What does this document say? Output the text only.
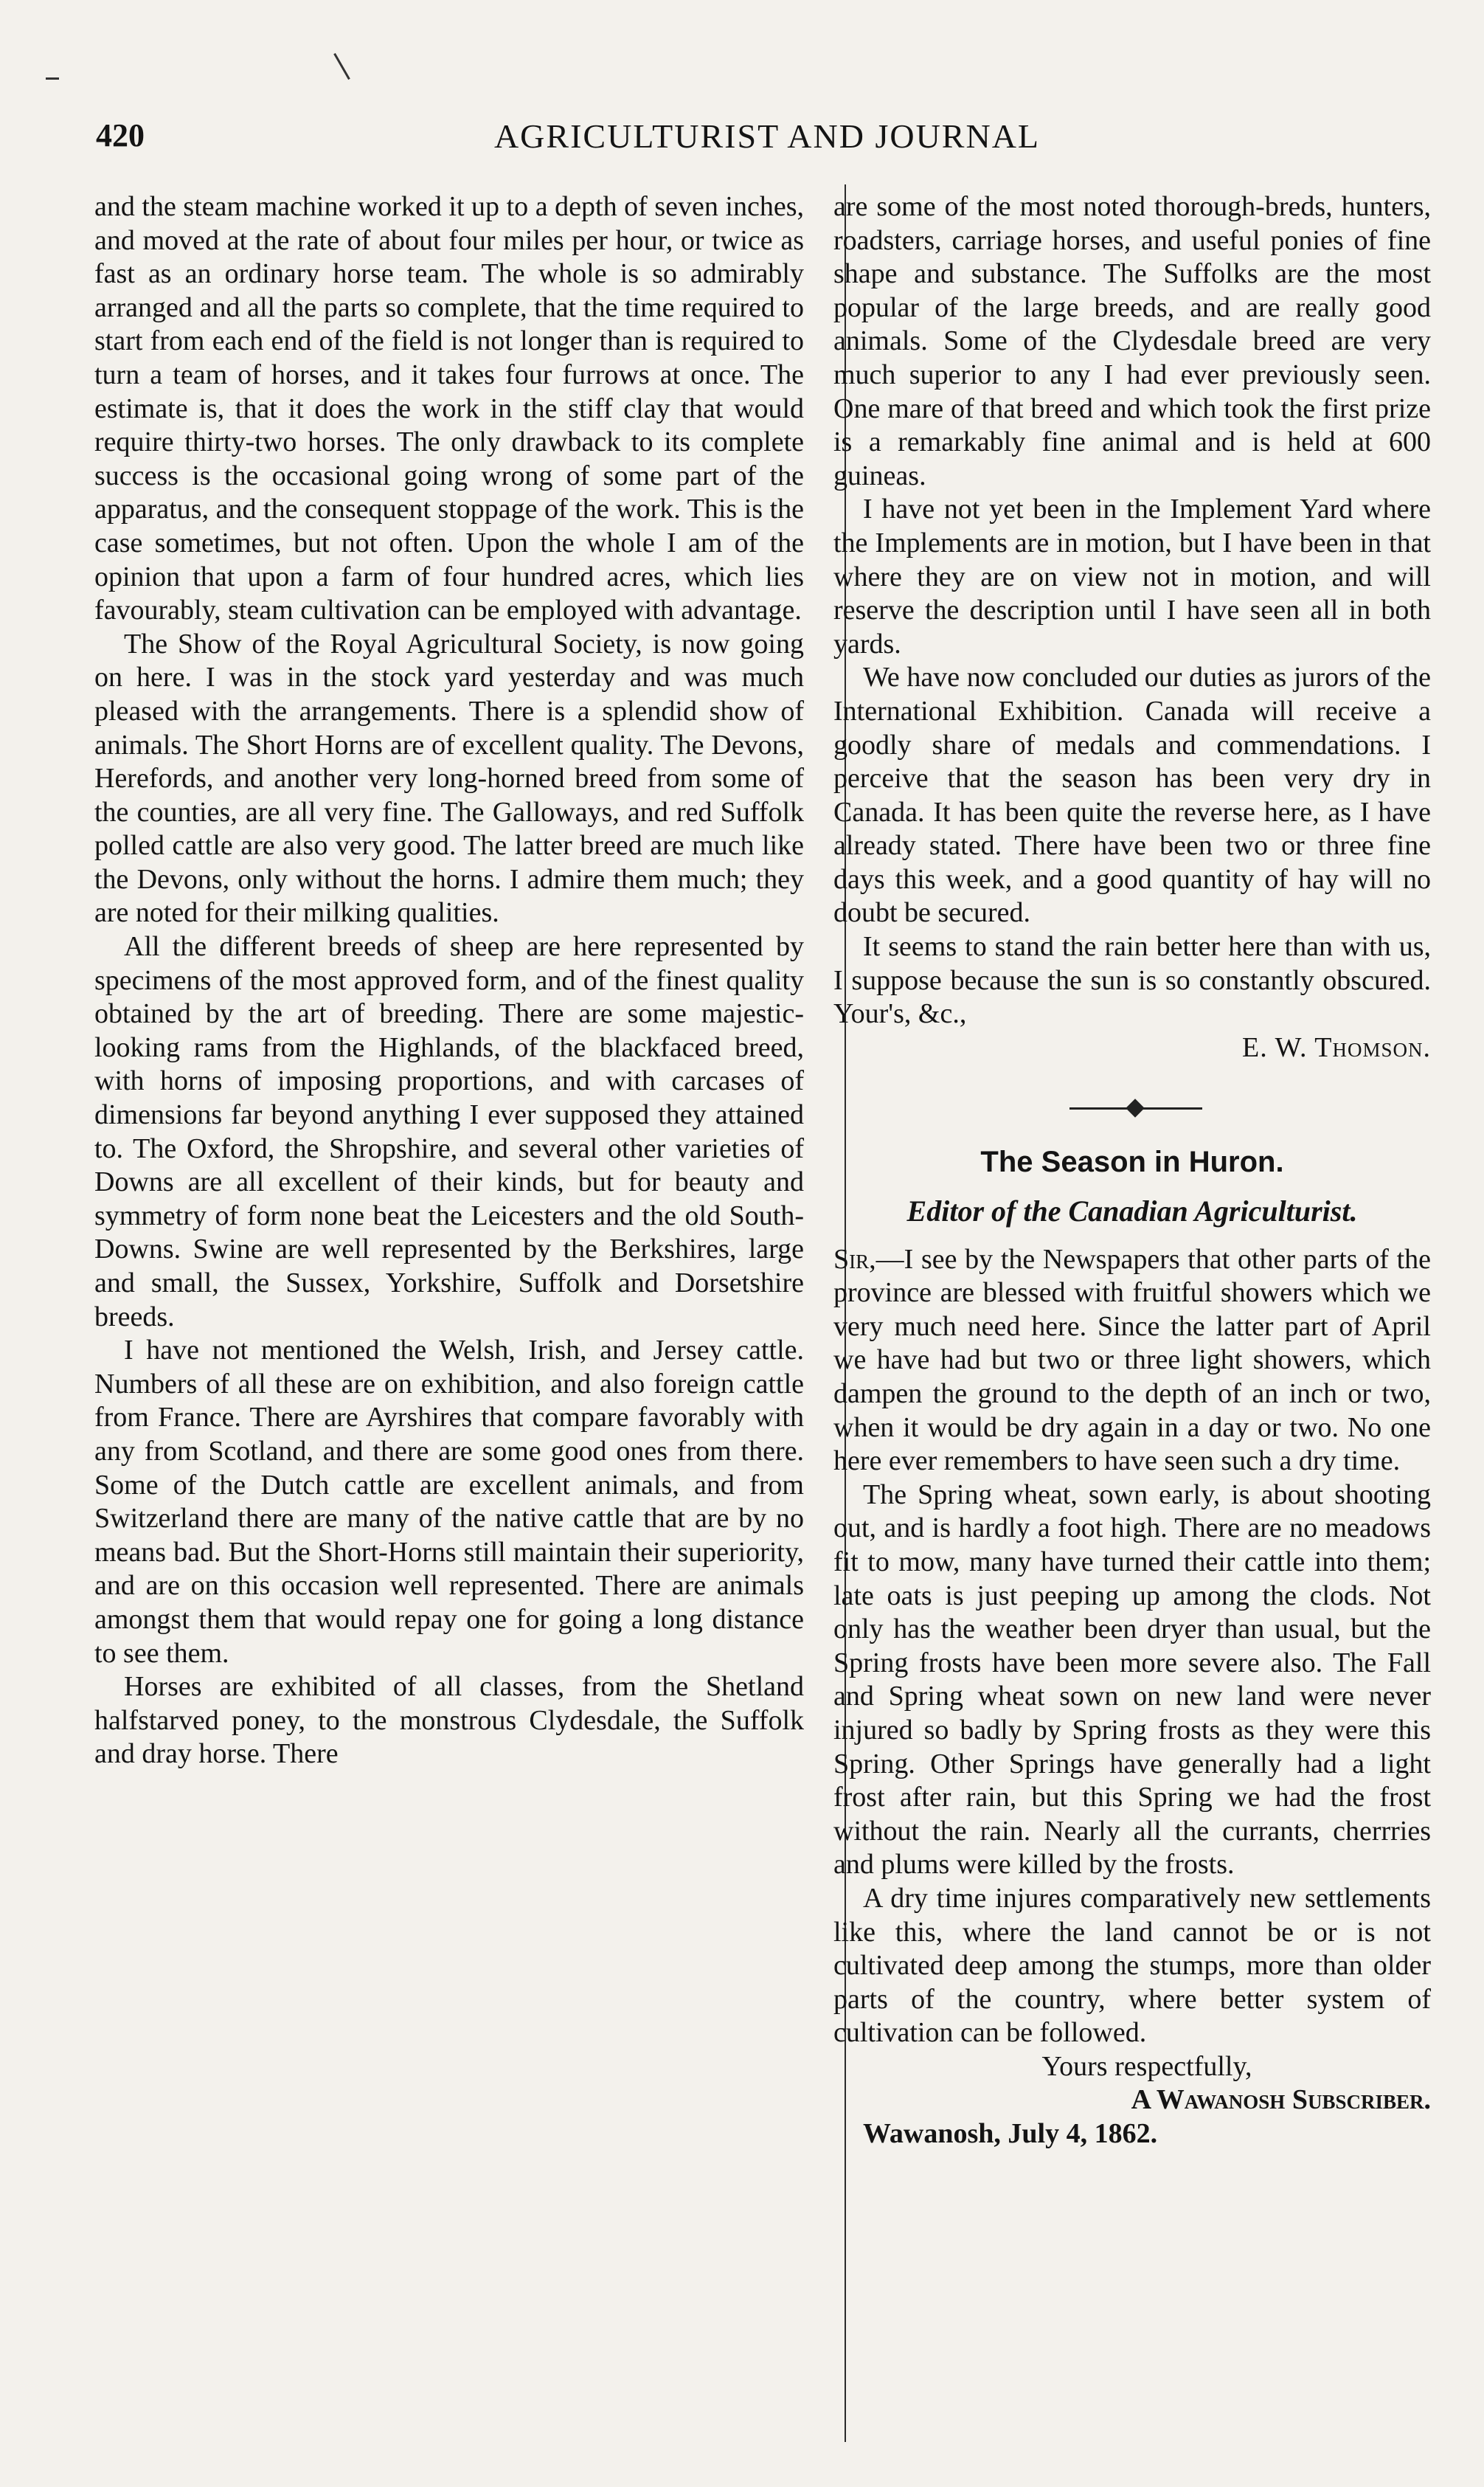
420	AGRICULTURIST AND JOURNAL

and the steam machine worked it up to a depth of seven inches, and moved at the rate of about four miles per hour, or twice as fast as an ordinary horse team. The whole is so admirably arranged and all the parts so complete, that the time required to start from each end of the field is not longer than is required to turn a team of horses, and it takes four furrows at once. The estimate is, that it does the work in the stiff clay that would require thirty-two horses. The only drawback to its complete success is the occasional going wrong of some part of the apparatus, and the consequent stoppage of the work. This is the case sometimes, but not often. Upon the whole I am of the opinion that upon a farm of four hundred acres, which lies favourably, steam cultivation can be employed with advantage.

The Show of the Royal Agricultural Society, is now going on here. I was in the stock yard yesterday and was much pleased with the arrangements. There is a splendid show of animals. The Short Horns are of excellent quality. The Devons, Herefords, and another very long-horned breed from some of the counties, are all very fine. The Galloways, and red Suffolk polled cattle are also very good. The latter breed are much like the Devons, only without the horns. I admire them much; they are noted for their milking qualities.

All the different breeds of sheep are here represented by specimens of the most approved form, and of the finest quality obtained by the art of breeding. There are some majestic-looking rams from the Highlands, of the blackfaced breed, with horns of imposing proportions, and with carcases of dimensions far beyond anything I ever supposed they attained to. The Oxford, the Shropshire, and several other varieties of Downs are all excellent of their kinds, but for beauty and symmetry of form none beat the Leicesters and the old South-Downs. Swine are well represented by the Berkshires, large and small, the Sussex, Yorkshire, Suffolk and Dorsetshire breeds.

I have not mentioned the Welsh, Irish, and Jersey cattle. Numbers of all these are on exhibition, and also foreign cattle from France. There are Ayrshires that compare favorably with any from Scotland, and there are some good ones from there. Some of the Dutch cattle are excellent animals, and from Switzerland there are many of the native cattle that are by no means bad. But the Short-Horns still maintain their superiority, and are on this occasion well represented. There are animals amongst them that would repay one for going a long distance to see them.

Horses are exhibited of all classes, from the Shetland halfstarved poney, to the monstrous Clydesdale, the Suffolk and dray horse. There

are some of the most noted thorough-breds, hunters, roadsters, carriage horses, and useful ponies of fine shape and substance. The Suffolks are the most popular of the large breeds, and are really good animals. Some of the Clydesdale breed are very much superior to any I had ever previously seen. One mare of that breed and which took the first prize is a remarkably fine animal and is held at 600 guineas.

I have not yet been in the Implement Yard where the Implements are in motion, but I have been in that where they are on view not in motion, and will reserve the description until I have seen all in both yards.

We have now concluded our duties as jurors of the International Exhibition. Canada will receive a goodly share of medals and commendations. I perceive that the season has been very dry in Canada. It has been quite the reverse here, as I have already stated. There have been two or three fine days this week, and a good quantity of hay will no doubt be secured.

It seems to stand the rain better here than with us, I suppose because the sun is so constantly obscured. Your's, &c.,

E. W. Thomson.

The Season in Huron.
Editor of the Canadian Agriculturist.

Sir,—I see by the Newspapers that other parts of the province are blessed with fruitful showers which we very much need here. Since the latter part of April we have had but two or three light showers, which dampen the ground to the depth of an inch or two, when it would be dry again in a day or two. No one here ever remembers to have seen such a dry time.

The Spring wheat, sown early, is about shooting out, and is hardly a foot high. There are no meadows fit to mow, many have turned their cattle into them; late oats is just peeping up among the clods. Not only has the weather been dryer than usual, but the Spring frosts have been more severe also. The Fall and Spring wheat sown on new land were never injured so badly by Spring frosts as they were this Spring. Other Springs have generally had a light frost after rain, but this Spring we had the frost without the rain. Nearly all the currants, cherrries and plums were killed by the frosts.

A dry time injures comparatively new settlements like this, where the land cannot be or is not cultivated deep among the stumps, more than older parts of the country, where better system of cultivation can be followed.

Yours respectfully,

A Wawanosh Subscriber.

Wawanosh, July 4, 1862.
